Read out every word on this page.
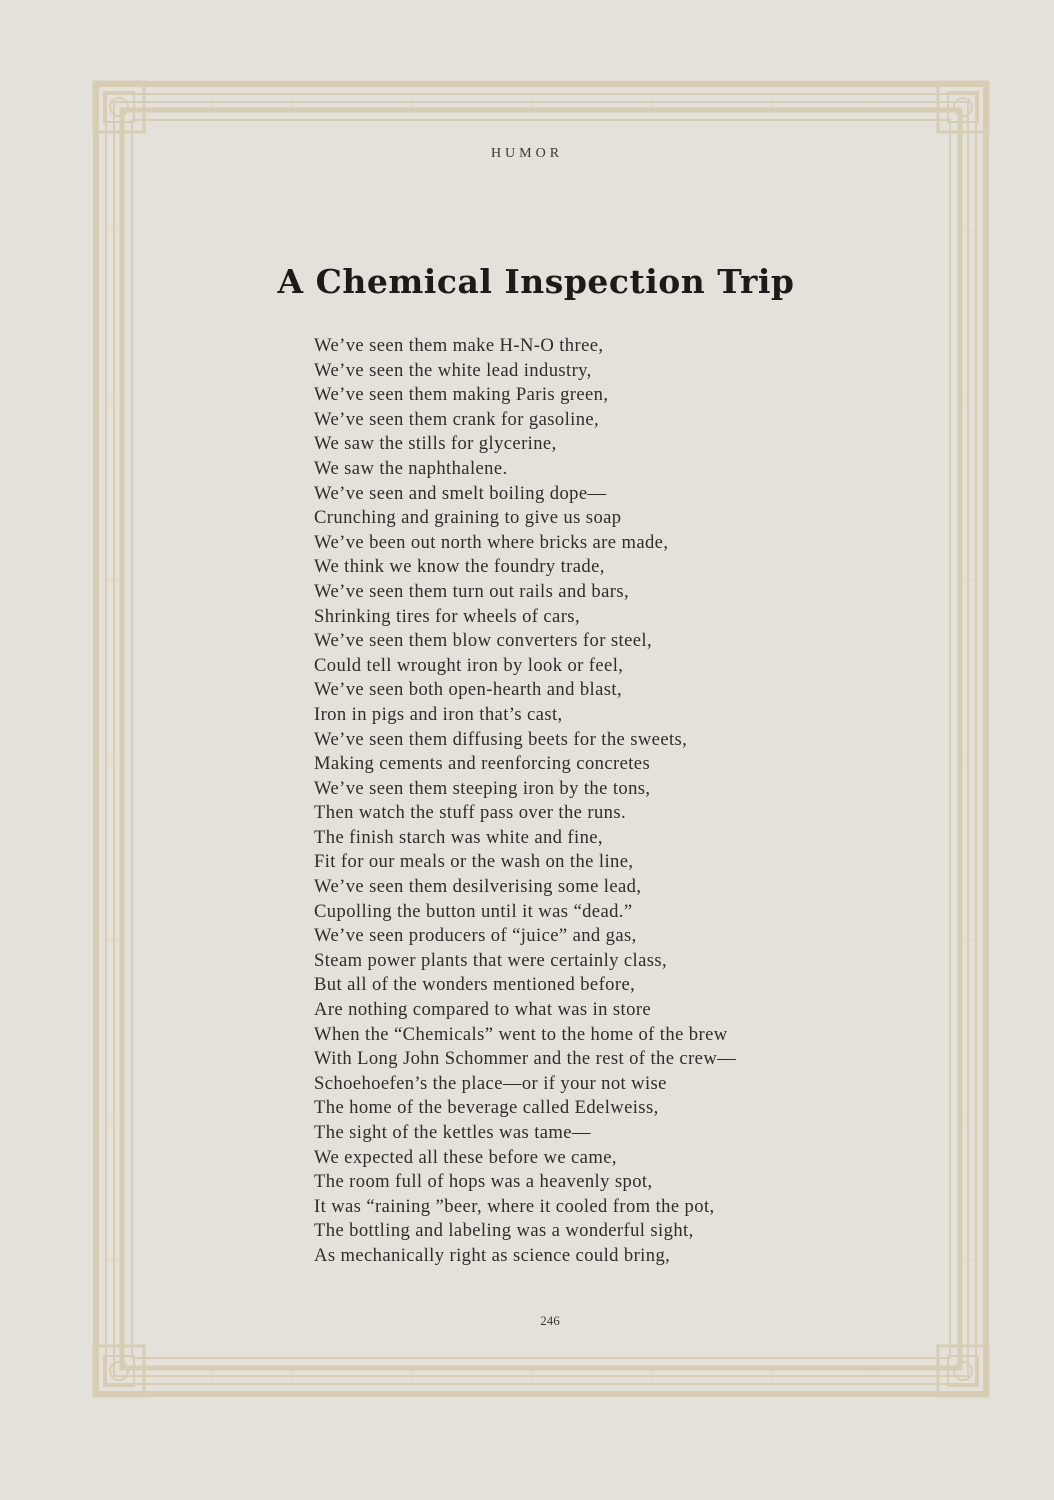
HUMOR
A Chemical Inspection Trip
We’ve seen them make H-N-O three,
We’ve seen the white lead industry,
We’ve seen them making Paris green,
We’ve seen them crank for gasoline,
We saw the stills for glycerine,
We saw the naphthalene.
We’ve seen and smelt boiling dope—
Crunching and graining to give us soap
We’ve been out north where bricks are made,
We think we know the foundry trade,
We’ve seen them turn out rails and bars,
Shrinking tires for wheels of cars,
We’ve seen them blow converters for steel,
Could tell wrought iron by look or feel,
We’ve seen both open-hearth and blast,
Iron in pigs and iron that’s cast,
We’ve seen them diffusing beets for the sweets,
Making cements and reenforcing concretes
We’ve seen them steeping iron by the tons,
Then watch the stuff pass over the runs.
The finish starch was white and fine,
Fit for our meals or the wash on the line,
We’ve seen them desilverising some lead,
Cupolling the button until it was “dead.”
We’ve seen producers of “juice” and gas,
Steam power plants that were certainly class,
But all of the wonders mentioned before,
Are nothing compared to what was in store
When the “Chemicals” went to the home of the brew
With Long John Schommer and the rest of the crew—
Schoehoefen’s the place—or if your not wise
The home of the beverage called Edelweiss,
The sight of the kettles was tame—
We expected all these before we came,
The room full of hops was a heavenly spot,
It was “raining ”beer, where it cooled from the pot,
The bottling and labeling was a wonderful sight,
As mechanically right as science could bring,
246
